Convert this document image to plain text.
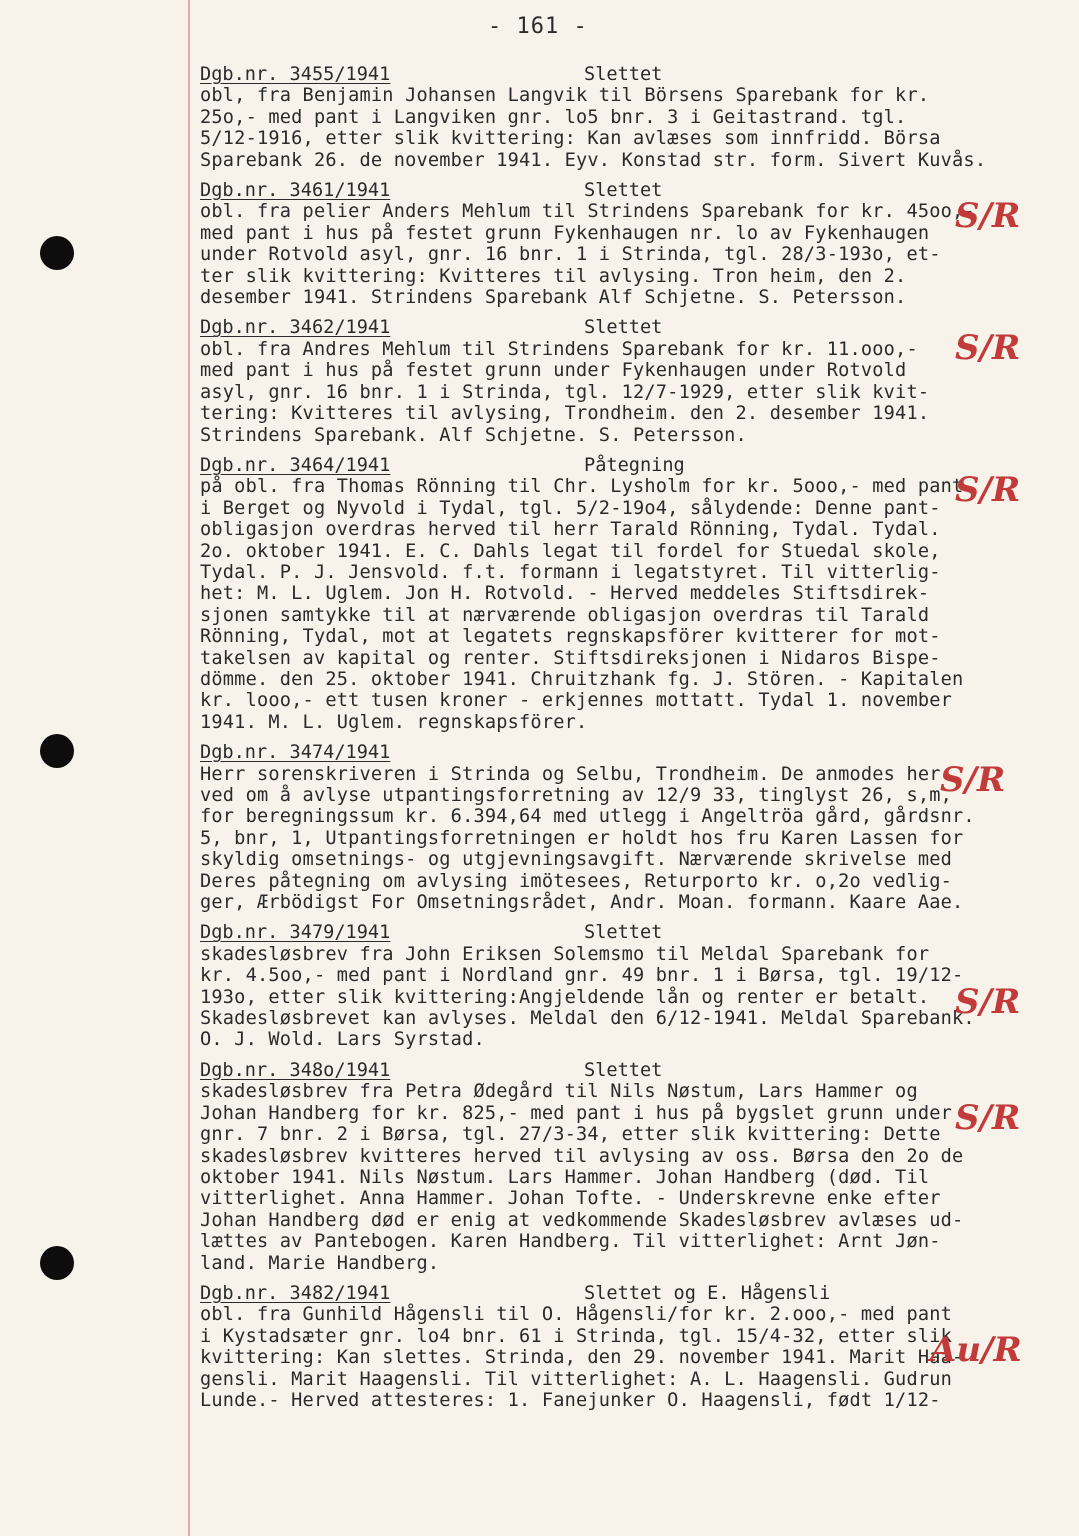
- 161 -
Dgb.nr. 3455/1941	Slettet
obl, fra Benjamin Johansen Langvik til Börsens Sparebank for kr.
25o,- med pant i Langviken gnr. lo5 bnr. 3 i Geitastrand. tgl.
5/12-1916, etter slik kvittering: Kan avlæses som innfridd. Börsa
Sparebank 26. de november 1941. Eyv. Konstad str. form. Sivert Kuvås.
Dgb.nr. 3461/1941	Slettet
obl. fra pelier Anders Mehlum til Strindens Sparebank for kr. 45oo,-
med pant i hus på festet grunn Fykenhaugen nr. lo av Fykenhaugen
under Rotvold asyl, gnr. 16 bnr. 1 i Strinda, tgl. 28/3-193o, et-
ter slik kvittering: Kvitteres til avlysing. Tron heim, den 2.
desember 1941. Strindens Sparebank Alf Schjetne. S. Petersson.
Dgb.nr. 3462/1941	Slettet
obl. fra Andres Mehlum til Strindens Sparebank for kr. 11.ooo,-
med pant i hus på festet grunn under Fykenhaugen under Rotvold
asyl, gnr. 16 bnr. 1 i Strinda, tgl. 12/7-1929, etter slik kvit-
tering: Kvitteres til avlysing, Trondheim. den 2. desember 1941.
Strindens Sparebank. Alf Schjetne. S. Petersson.
Dgb.nr. 3464/1941	Påtegning
på obl. fra Thomas Rönning til Chr. Lysholm for kr. 5ooo,- med pant
i Berget og Nyvold i Tydal, tgl. 5/2-19o4, sålydende: Denne pant-
obligasjon overdras herved til herr Tarald Rönning, Tydal. Tydal.
2o. oktober 1941. E. C. Dahls legat til fordel for Stuedal skole,
Tydal. P. J. Jensvold. f.t. formann i legatstyret. Til vitterlig-
het: M. L. Uglem. Jon H. Rotvold. - Herved meddeles Stiftsdirek-
sjonen samtykke til at nærværende obligasjon overdras til Tarald
Rönning, Tydal, mot at legatets regnskapsförer kvitterer for mot-
takelsen av kapital og renter. Stiftsdireksjonen i Nidaros Bispe-
dömme. den 25. oktober 1941. Chruitzhank fg. J. Stören. - Kapitalen
kr. looo,- ett tusen kroner - erkjennes mottatt. Tydal 1. november
1941. M. L. Uglem. regnskapsförer.
Dgb.nr. 3474/1941
Herr sorenskriveren i Strinda og Selbu, Trondheim. De anmodes her-
ved om å avlyse utpantingsforretning av 12/9 33, tinglyst 26, s,m,
for beregningssum kr. 6.394,64 med utlegg i Angeltröa gård, gårdsnr.
5, bnr, 1, Utpantingsforretningen er holdt hos fru Karen Lassen for
skyldig omsetnings- og utgjevningsavgift. Nærværende skrivelse med
Deres påtegning om avlysing imötesees, Returporto kr. o,2o vedlig-
ger, Ærbödigst For Omsetningsrådet, Andr. Moan. formann. Kaare Aae.
Dgb.nr. 3479/1941	Slettet
skadesløsbrev fra John Eriksen Solemsmo til Meldal Sparebank for
kr. 4.5oo,- med pant i Nordland gnr. 49 bnr. 1 i Børsa, tgl. 19/12-
193o, etter slik kvittering:Angjeldende lån og renter er betalt.
Skadesløsbrevet kan avlyses. Meldal den 6/12-1941. Meldal Sparebank.
O. J. Wold. Lars Syrstad.
Dgb.nr. 348o/1941	Slettet
skadesløsbrev fra Petra Ødegård til Nils Nøstum, Lars Hammer og
Johan Handberg for kr. 825,- med pant i hus på bygslet grunn under
gnr. 7 bnr. 2 i Børsa, tgl. 27/3-34, etter slik kvittering: Dette
skadesløsbrev kvitteres herved til avlysing av oss. Børsa den 2o de
oktober 1941. Nils Nøstum. Lars Hammer. Johan Handberg (død. Til
vitterlighet. Anna Hammer. Johan Tofte. - Underskrevne enke efter
Johan Handberg død er enig at vedkommende Skadesløsbrev avlæses ud-
lættes av Pantebogen. Karen Handberg. Til vitterlighet: Arnt Jøn-
land. Marie Handberg.
Dgb.nr. 3482/1941	Slettet og E. Hågensli
obl. fra Gunhild Hågensli til O. Hågensli/for kr. 2.ooo,- med pant
i Kystadsæter gnr. lo4 bnr. 61 i Strinda, tgl. 15/4-32, etter slik
kvittering: Kan slettes. Strinda, den 29. november 1941. Marit Haa-
gensli. Marit Haagensli. Til vitterlighet: A. L. Haagensli. Gudrun
Lunde.- Herved attesteres: 1. Fanejunker O. Haagensli, født 1/12-
S/R
S/R
S/R
S/R
S/R
S/R
Au/R
